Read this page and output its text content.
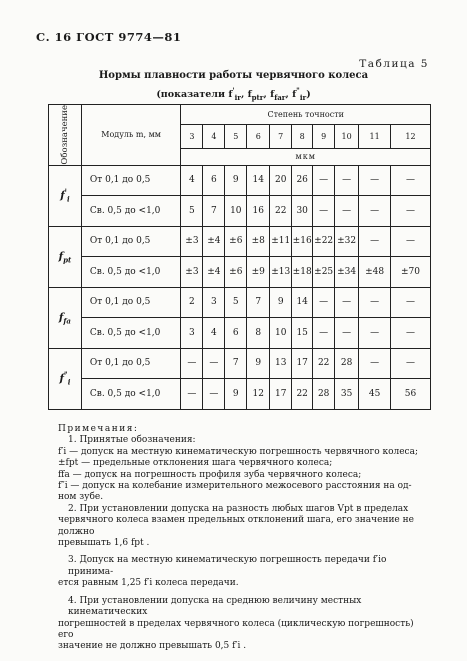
С. 16 ГОСТ 9774—81
Таблица 5
Нормы плавности работы червячного колеса
(показатели $f'_{ir}$, $f_{ptr}$, $f_{far}$, $f^"_{ir}$)
Обозначение	Модуль m, мм	Степень точности									
		3	4	5	6	7	8	9	10	11	12
		мкм									
$f'_i$	От 0,1 до 0,5	4	6	9	14	20	26	—	—	—	—
	Св. 0,5 до <1,0	5	7	10	16	22	30	—	—	—	—
$f_{pt}$	От 0,1 до 0,5	±3	±4	±6	±8	±11	±16	±22	±32	—	—
	Св. 0,5 до <1,0	±3	±4	±6	±9	±13	±18	±25	±34	±48	±70
$f_{fa}$	От 0,1 до 0,5	2	3	5	7	9	14	—	—	—	—
	Св. 0,5 до <1,0	3	4	6	8	10	15	—	—	—	—
$f^"_i$	От 0,1 до 0,5	—	—	7	9	13	17	22	28	—	—
	Св. 0,5 до <1,0	—	—	9	12	17	22	28	35	45	56

Примечания:

1. Принятые обозначения:

f′i — допуск на местную кинематическую погрешность червячного колеса;

±fpt — предельные отклонения шага червячного колеса;

ffa — допуск на погрешность профиля зуба червячного колеса;

f″i — допуск на колебание измерительного межосевого расстояния на од-

ном зубе.

2. При установлении допуска на разность любых шагов Vpt в пределах

червячного колеса взамен предельных отклонений шага, его значение не должно

превышать 1,6 fpt .

3. Допуск на местную кинематическую погрешность передачи f′io принима-

ется равным 1,25 f′i колеса передачи.

4. При установлении допуска на среднюю величину местных кинематических

погрешностей в пределах червячного колеса (циклическую погрешность) его

значение не должно превышать 0,5 f′i .
